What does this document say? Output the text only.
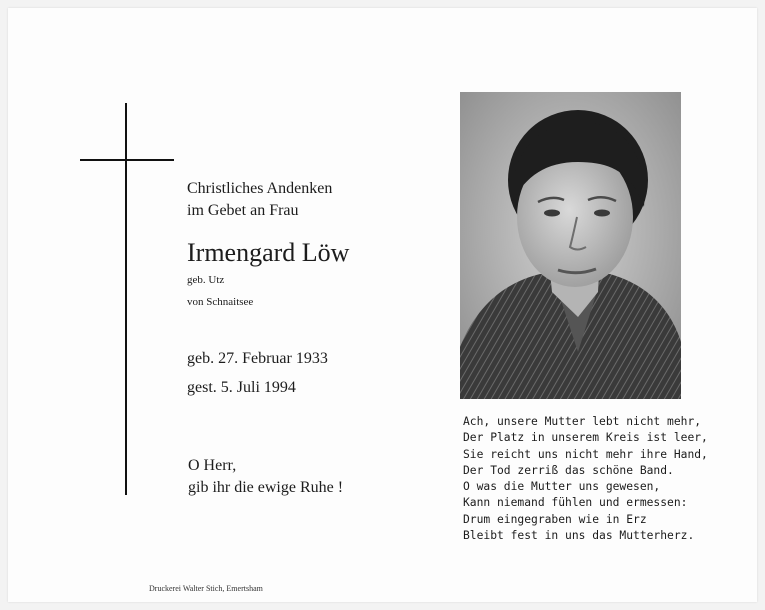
Christliches Andenken
im Gebet an Frau
Irmengard Löw
geb. Utz
von Schnaitsee
geb. 27. Februar 1933
gest. 5. Juli 1994
O Herr,
gib ihr die ewige Ruhe !
Ach, unsere Mutter lebt nicht mehr,
Der Platz in unserem Kreis ist leer,
Sie reicht uns nicht mehr ihre Hand,
Der Tod zerriß das schöne Band.
O was die Mutter uns gewesen,
Kann niemand fühlen und ermessen:
Drum eingegraben wie in Erz
Bleibt fest in uns das Mutterherz.
Druckerei Walter Stich, Emertsham
